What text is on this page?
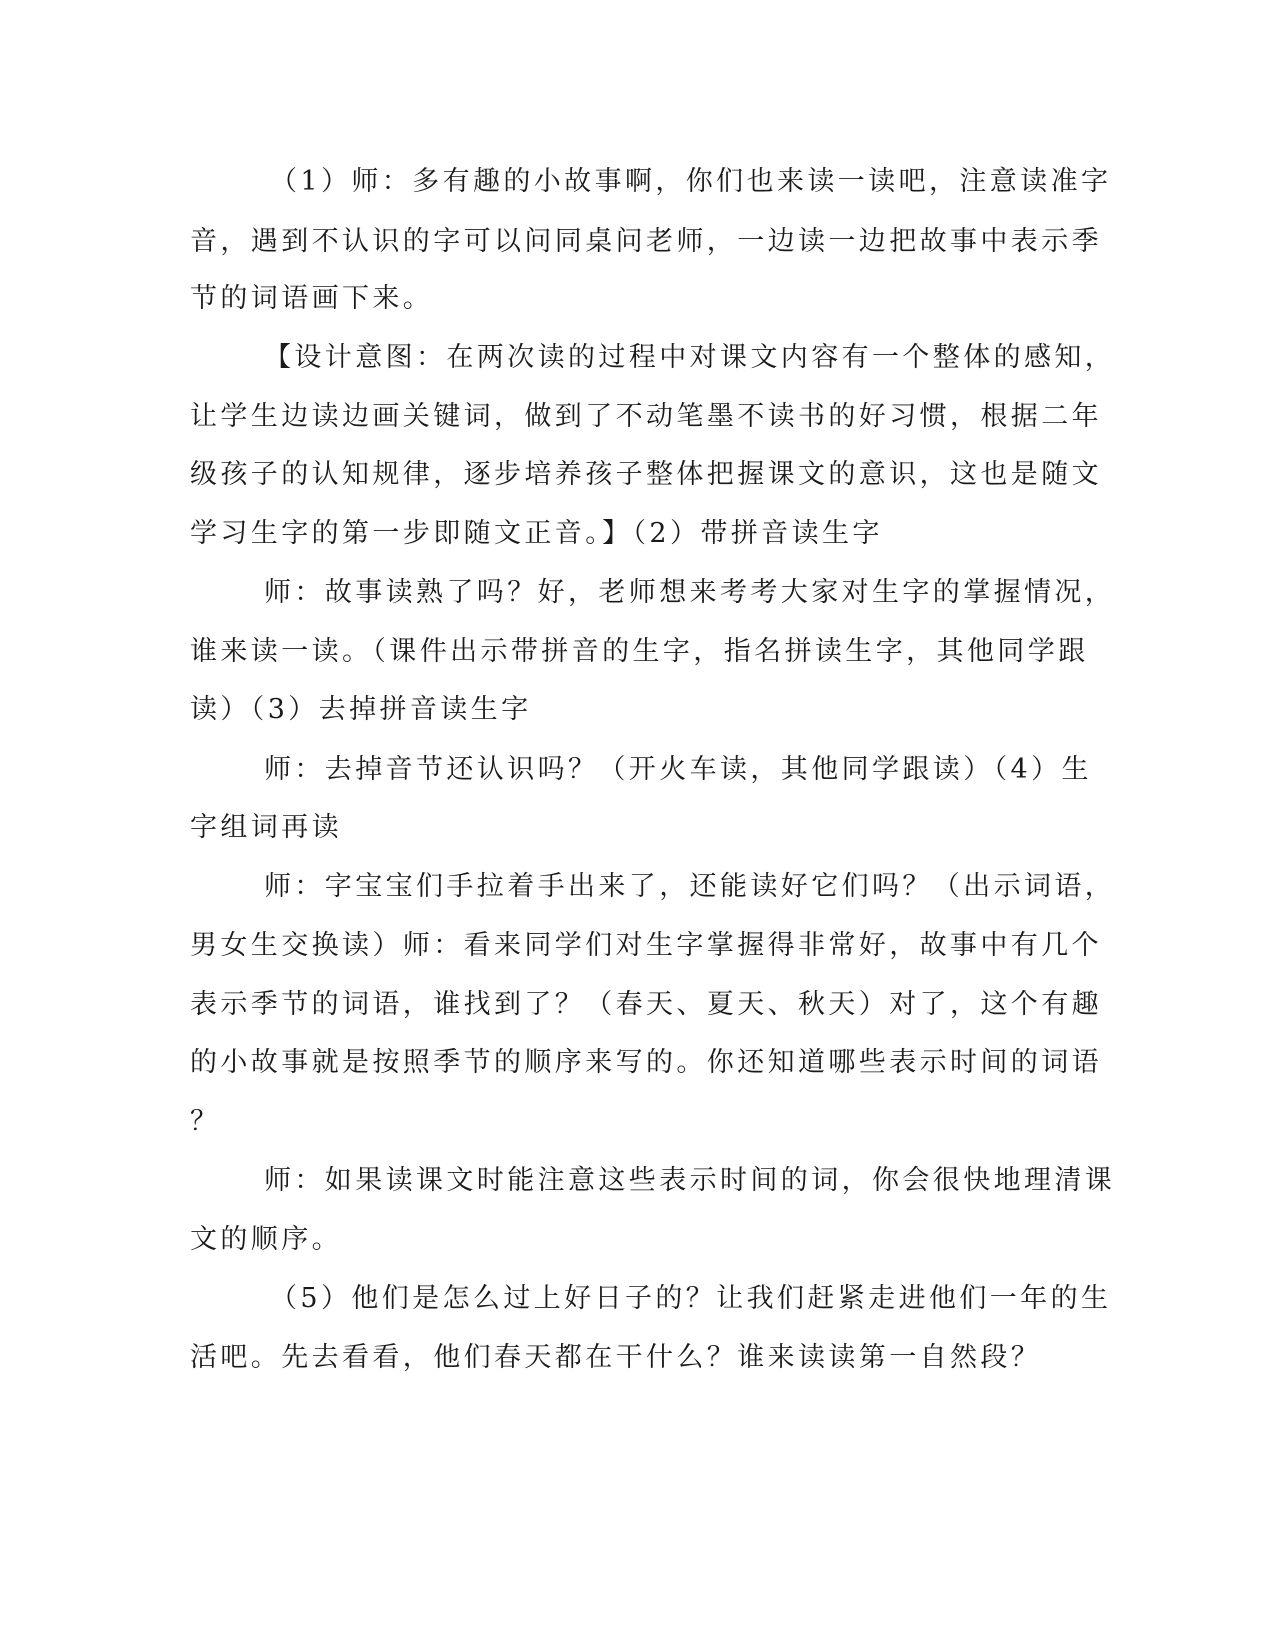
（1）师：多有趣的小故事啊，你们也来读一读吧，注意读准字
音，遇到不认识的字可以问同桌问老师，一边读一边把故事中表示季
节的词语画下来。
【设计意图：在两次读的过程中对课文内容有一个整体的感知，
让学生边读边画关键词，做到了不动笔墨不读书的好习惯，根据二年
级孩子的认知规律，逐步培养孩子整体把握课文的意识，这也是随文
学习生字的第一步即随文正音。】（2）带拼音读生字
师：故事读熟了吗？好，老师想来考考大家对生字的掌握情况，
谁来读一读。（课件出示带拼音的生字，指名拼读生字，其他同学跟
读）（3）去掉拼音读生字
师：去掉音节还认识吗？（开火车读，其他同学跟读）（4）生
字组词再读
师：字宝宝们手拉着手出来了，还能读好它们吗？（出示词语，
男女生交换读）师：看来同学们对生字掌握得非常好，故事中有几个
表示季节的词语，谁找到了？（春天、夏天、秋天）对了，这个有趣
的小故事就是按照季节的顺序来写的。你还知道哪些表示时间的词语
？
师：如果读课文时能注意这些表示时间的词，你会很快地理清课
文的顺序。
（5）他们是怎么过上好日子的？让我们赶紧走进他们一年的生
活吧。先去看看，他们春天都在干什么？谁来读读第一自然段？
